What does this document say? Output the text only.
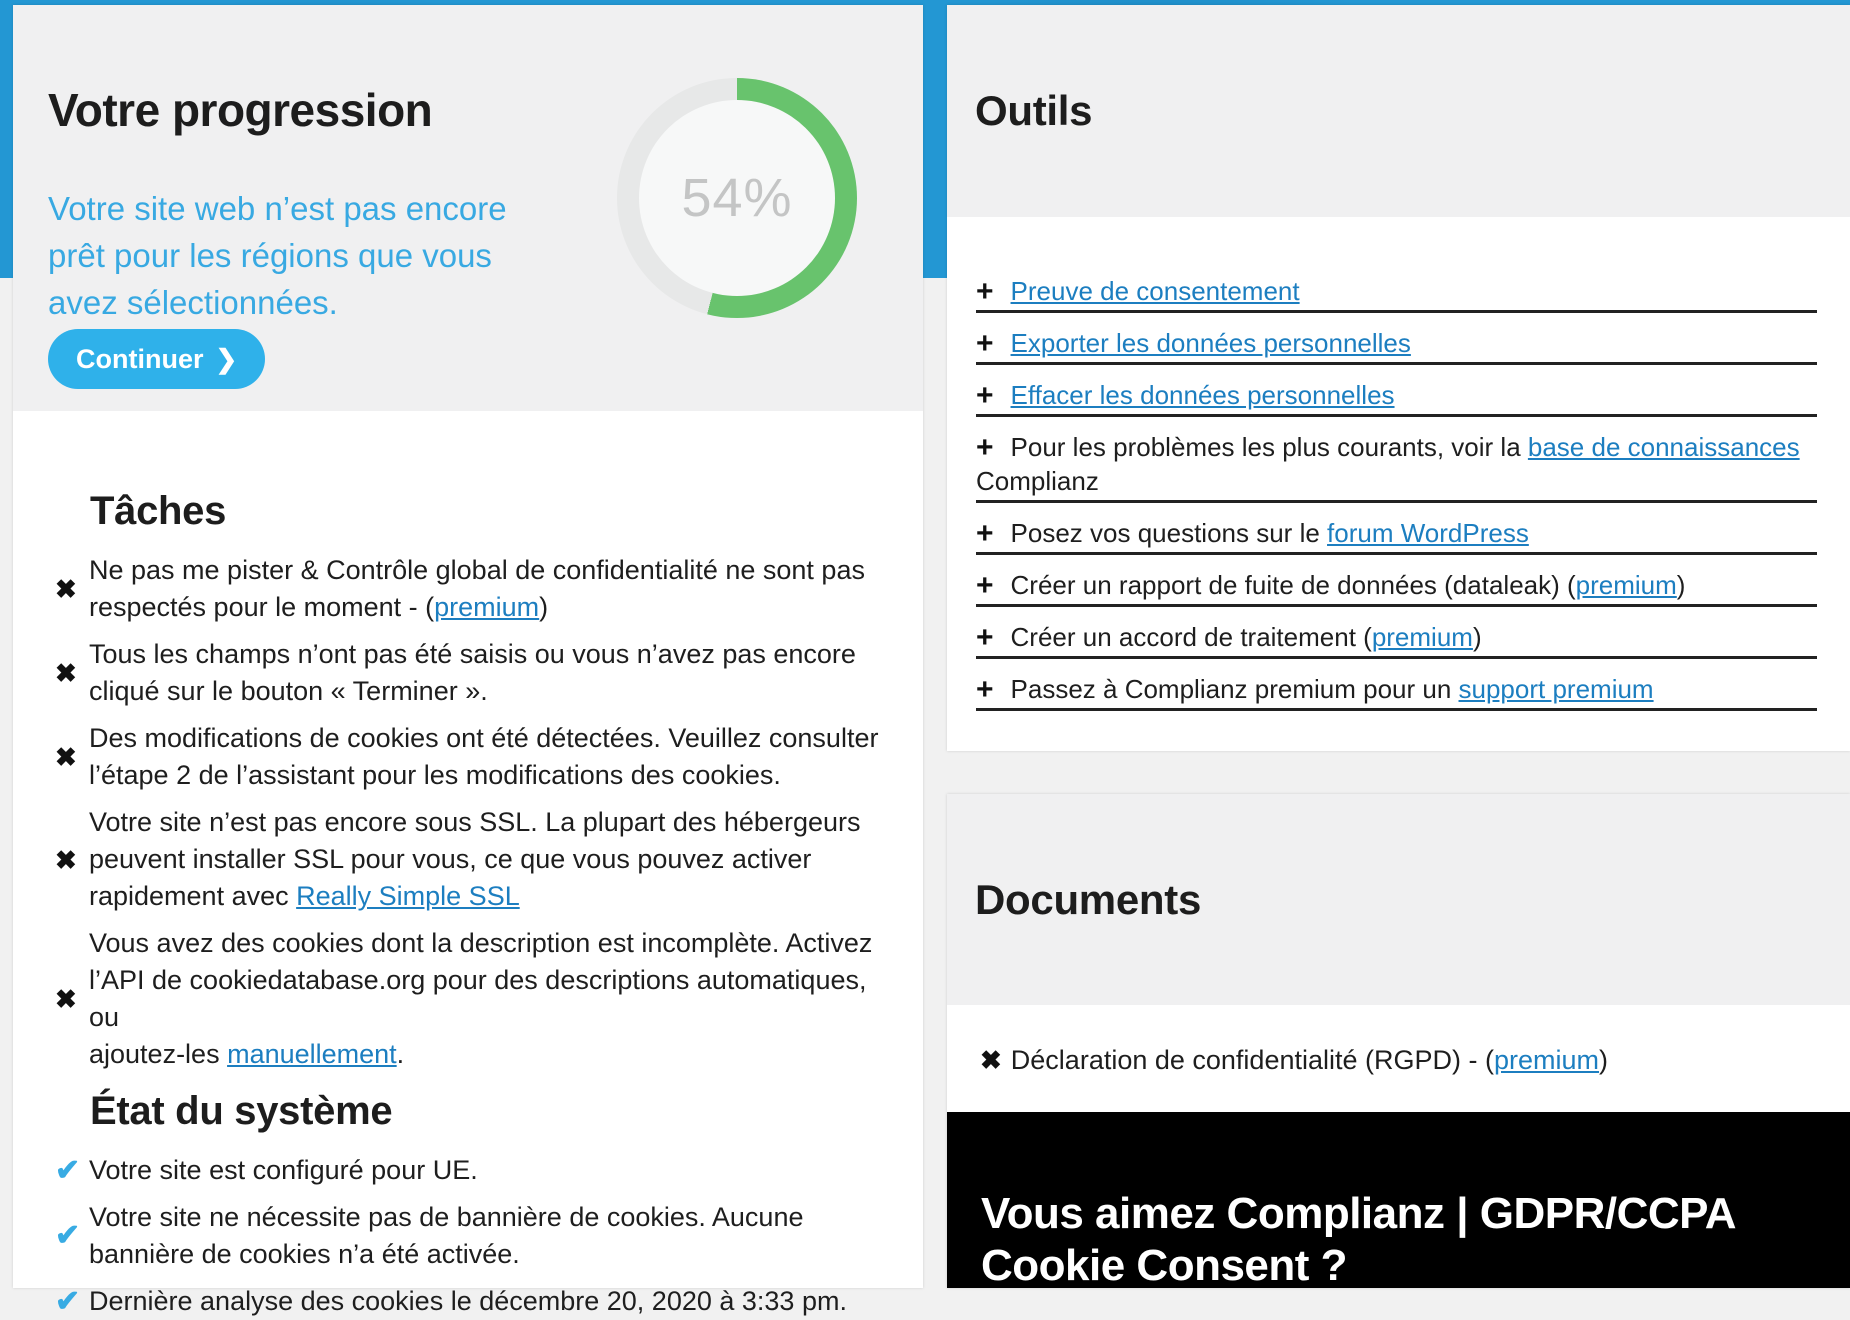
Votre progression
Votre site web n’est pas encore
prêt pour les régions que vous
avez sélectionnées.
Continuer ❯
54%
Tâches
✖
Ne pas me pister & Contrôle global de confidentialité ne sont pas
respectés pour le moment - (premium)
✖
Tous les champs n’ont pas été saisis ou vous n’avez pas encore
cliqué sur le bouton « Terminer ».
✖
Des modifications de cookies ont été détectées. Veuillez consulter
l’étape 2 de l’assistant pour les modifications des cookies.
✖
Votre site n’est pas encore sous SSL. La plupart des hébergeurs
peuvent installer SSL pour vous, ce que vous pouvez activer
rapidement avec Really Simple SSL
✖
Vous avez des cookies dont la description est incomplète. Activez
l’API de cookiedatabase.org pour des descriptions automatiques, ou
ajoutez-les manuellement.
État du système
✔ Votre site est configuré pour UE.
✔
Votre site ne nécessite pas de bannière de cookies. Aucune
bannière de cookies n’a été activée.
✔ Dernière analyse des cookies le décembre 20, 2020 à 3:33 pm.
Outils
+ Preuve de consentement
+ Exporter les données personnelles
+ Effacer les données personnelles
+ Pour les problèmes les plus courants, voir la base de connaissances
Complianz
+ Posez vos questions sur le forum WordPress
+ Créer un rapport de fuite de données (dataleak) (premium)
+ Créer un accord de traitement (premium)
+ Passez à Complianz premium pour un support premium
Documents
✖ Déclaration de confidentialité (RGPD) - (premium)
Vous aimez Complianz | GDPR/CCPA
Cookie Consent ?
